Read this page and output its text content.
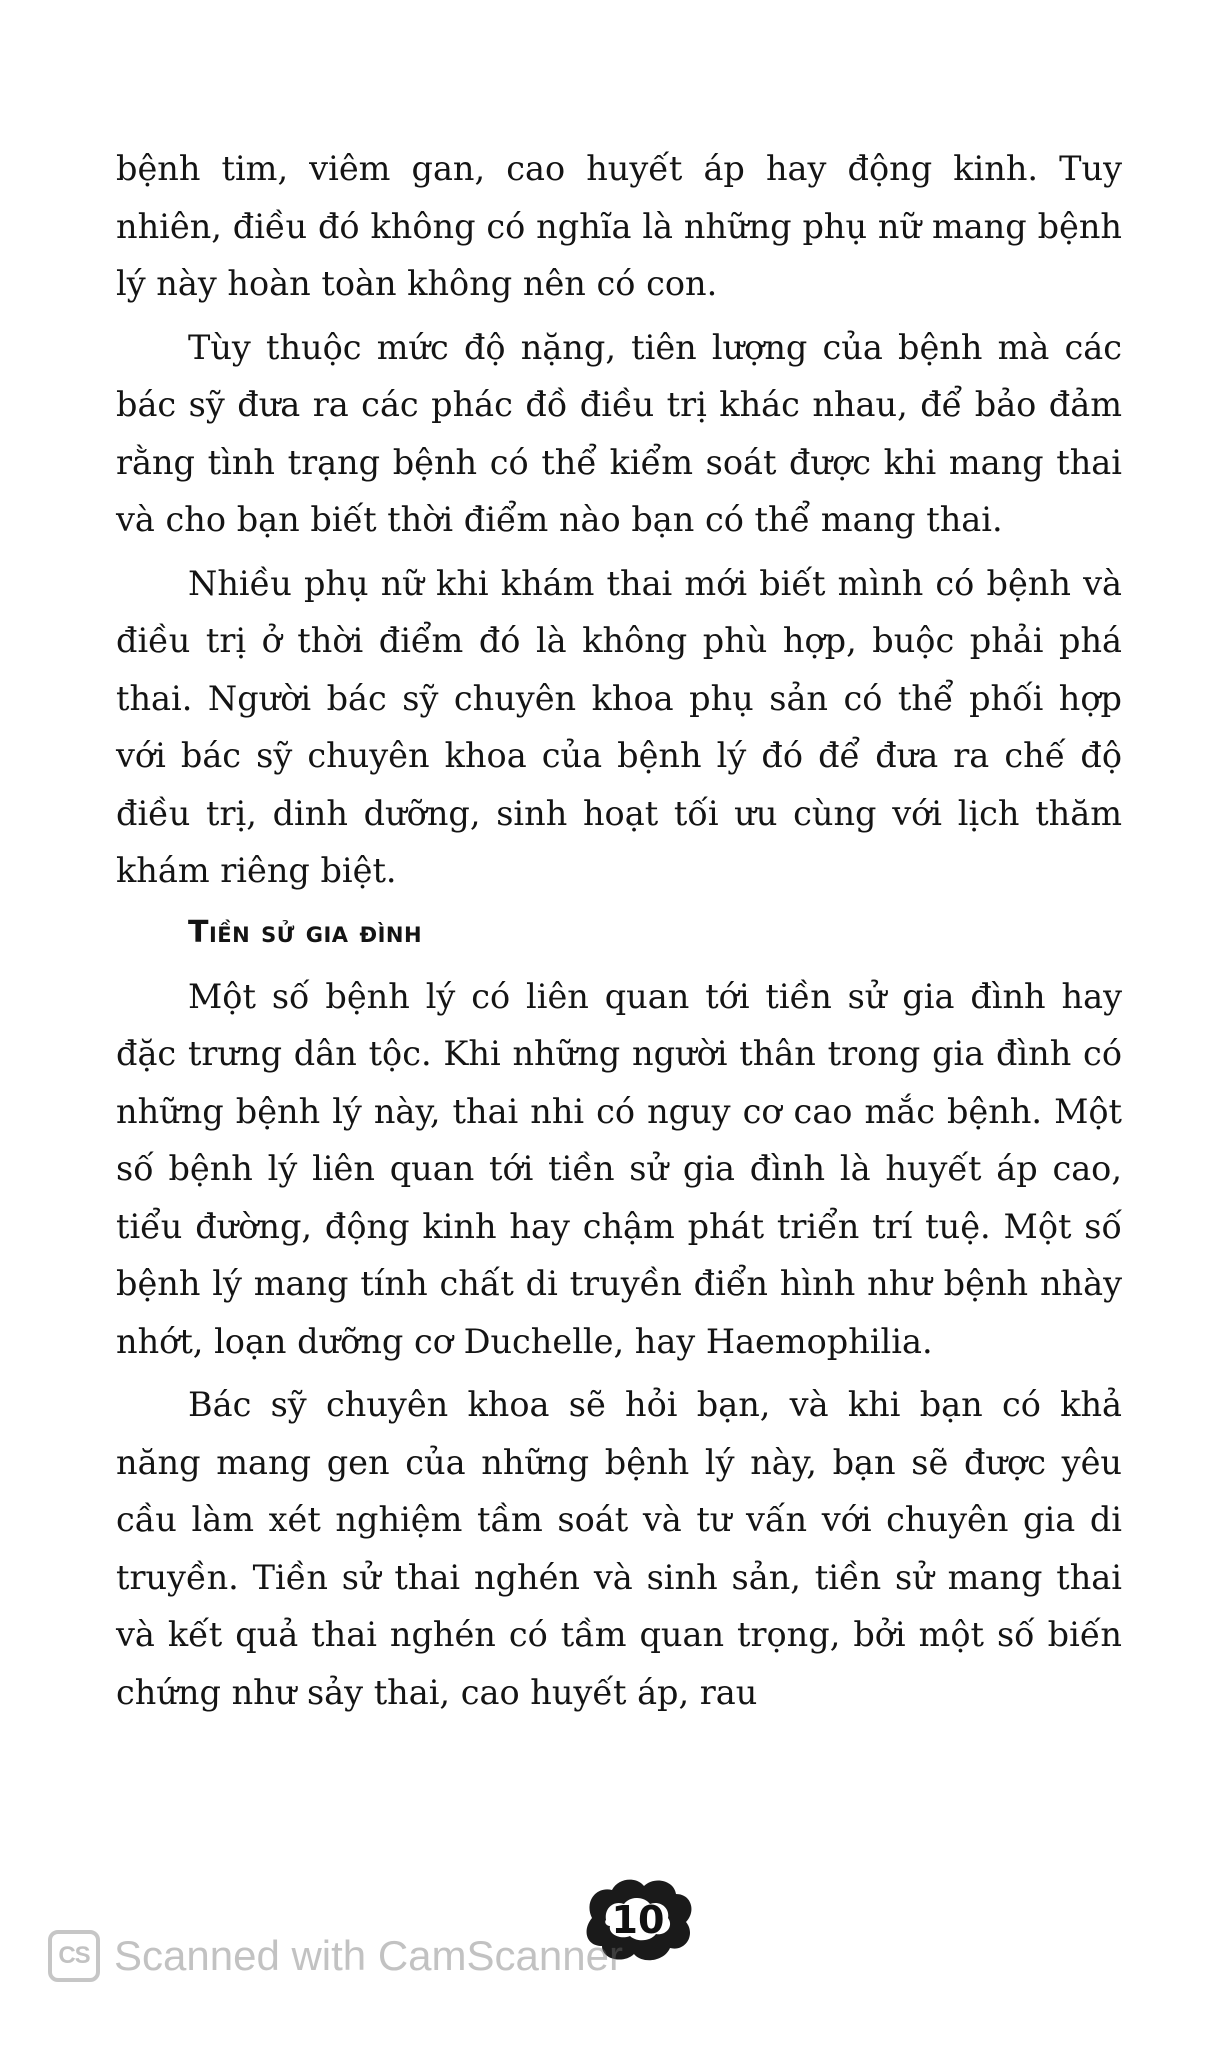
bệnh tim, viêm gan, cao huyết áp hay động kinh. Tuy nhiên, điều đó không có nghĩa là những phụ nữ mang bệnh lý này hoàn toàn không nên có con.

Tùy thuộc mức độ nặng, tiên lượng của bệnh mà các bác sỹ đưa ra các phác đồ điều trị khác nhau, để bảo đảm rằng tình trạng bệnh có thể kiểm soát được khi mang thai và cho bạn biết thời điểm nào bạn có thể mang thai.

Nhiều phụ nữ khi khám thai mới biết mình có bệnh và điều trị ở thời điểm đó là không phù hợp, buộc phải phá thai. Người bác sỹ chuyên khoa phụ sản có thể phối hợp với bác sỹ chuyên khoa của bệnh lý đó để đưa ra chế độ điều trị, dinh dưỡng, sinh hoạt tối ưu cùng với lịch thăm khám riêng biệt.

Tiền sử gia đình

Một số bệnh lý có liên quan tới tiền sử gia đình hay đặc trưng dân tộc. Khi những người thân trong gia đình có những bệnh lý này, thai nhi có nguy cơ cao mắc bệnh. Một số bệnh lý liên quan tới tiền sử gia đình là huyết áp cao, tiểu đường, động kinh hay chậm phát triển trí tuệ. Một số bệnh lý mang tính chất di truyền điển hình như bệnh nhày nhớt, loạn dưỡng cơ Duchelle, hay Haemophilia.

Bác sỹ chuyên khoa sẽ hỏi bạn, và khi bạn có khả năng mang gen của những bệnh lý này, bạn sẽ được yêu cầu làm xét nghiệm tầm soát và tư vấn với chuyên gia di truyền. Tiền sử thai nghén và sinh sản, tiền sử mang thai và kết quả thai nghén có tầm quan trọng, bởi một số biến chứng như sảy thai, cao huyết áp, rau

10
CS Scanned with CamScanner
